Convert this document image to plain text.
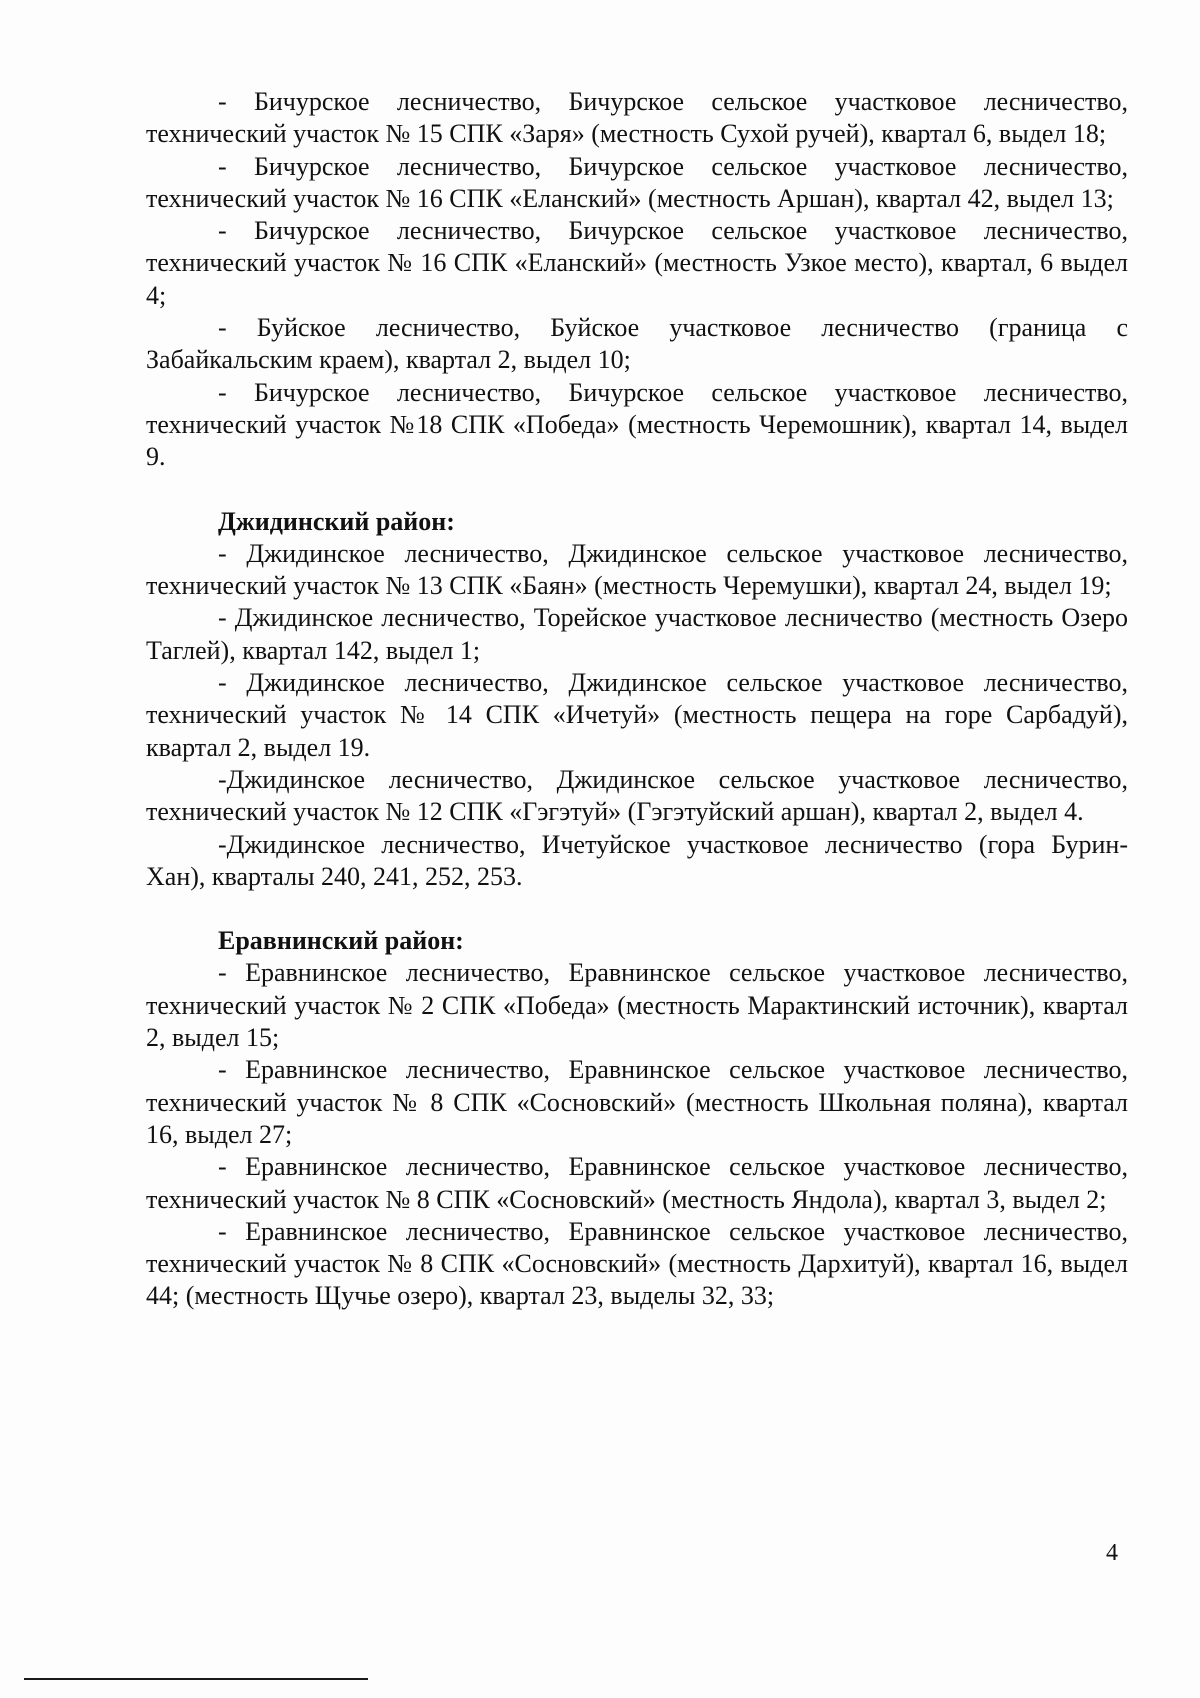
- Бичурское лесничество, Бичурское сельское участковое лесничество, технический участок № 15 СПК «Заря» (местность Сухой ручей), квартал 6, выдел 18;

- Бичурское лесничество, Бичурское сельское участковое лесничество, технический участок № 16 СПК «Еланский» (местность Аршан), квартал 42, выдел 13;

- Бичурское лесничество, Бичурское сельское участковое лесничество, технический участок № 16 СПК «Еланский» (местность Узкое место), квартал, 6 выдел 4;

- Буйское лесничество, Буйское участковое лесничество (граница с Забайкальским краем), квартал 2, выдел 10;

- Бичурское лесничество, Бичурское сельское участковое лесничество, технический участок №18 СПК «Победа» (местность Черемошник), квартал 14, выдел 9.

Джидинский район:

- Джидинское лесничество, Джидинское сельское участковое лесничество, технический участок № 13 СПК «Баян» (местность Черемушки), квартал 24, выдел 19;

- Джидинское лесничество, Торейское участковое лесничество (местность Озеро Таглей), квартал 142, выдел 1;

- Джидинское лесничество, Джидинское сельское участковое лесничество, технический участок № 14 СПК «Ичетуй» (местность пещера на горе Сарбадуй), квартал 2, выдел 19.

-Джидинское лесничество, Джидинское сельское участковое лесничество, технический участок № 12 СПК «Гэгэтуй» (Гэгэтуйский аршан), квартал 2, выдел 4.

-Джидинское лесничество, Ичетуйское участковое лесничество (гора Бурин-Хан), кварталы 240, 241, 252, 253.

Еравнинский район:

- Еравнинское лесничество, Еравнинское сельское участковое лесничество, технический участок № 2 СПК «Победа» (местность Марактинский источник), квартал 2, выдел 15;

- Еравнинское лесничество, Еравнинское сельское участковое лесничество, технический участок № 8 СПК «Сосновский» (местность Школьная поляна), квартал 16, выдел 27;

- Еравнинское лесничество, Еравнинское сельское участковое лесничество, технический участок № 8 СПК «Сосновский» (местность Яндола), квартал 3, выдел 2;

- Еравнинское лесничество, Еравнинское сельское участковое лесничество, технический участок № 8 СПК «Сосновский» (местность Дархитуй), квартал 16, выдел 44; (местность Щучье озеро), квартал 23, выделы 32, 33;

4
